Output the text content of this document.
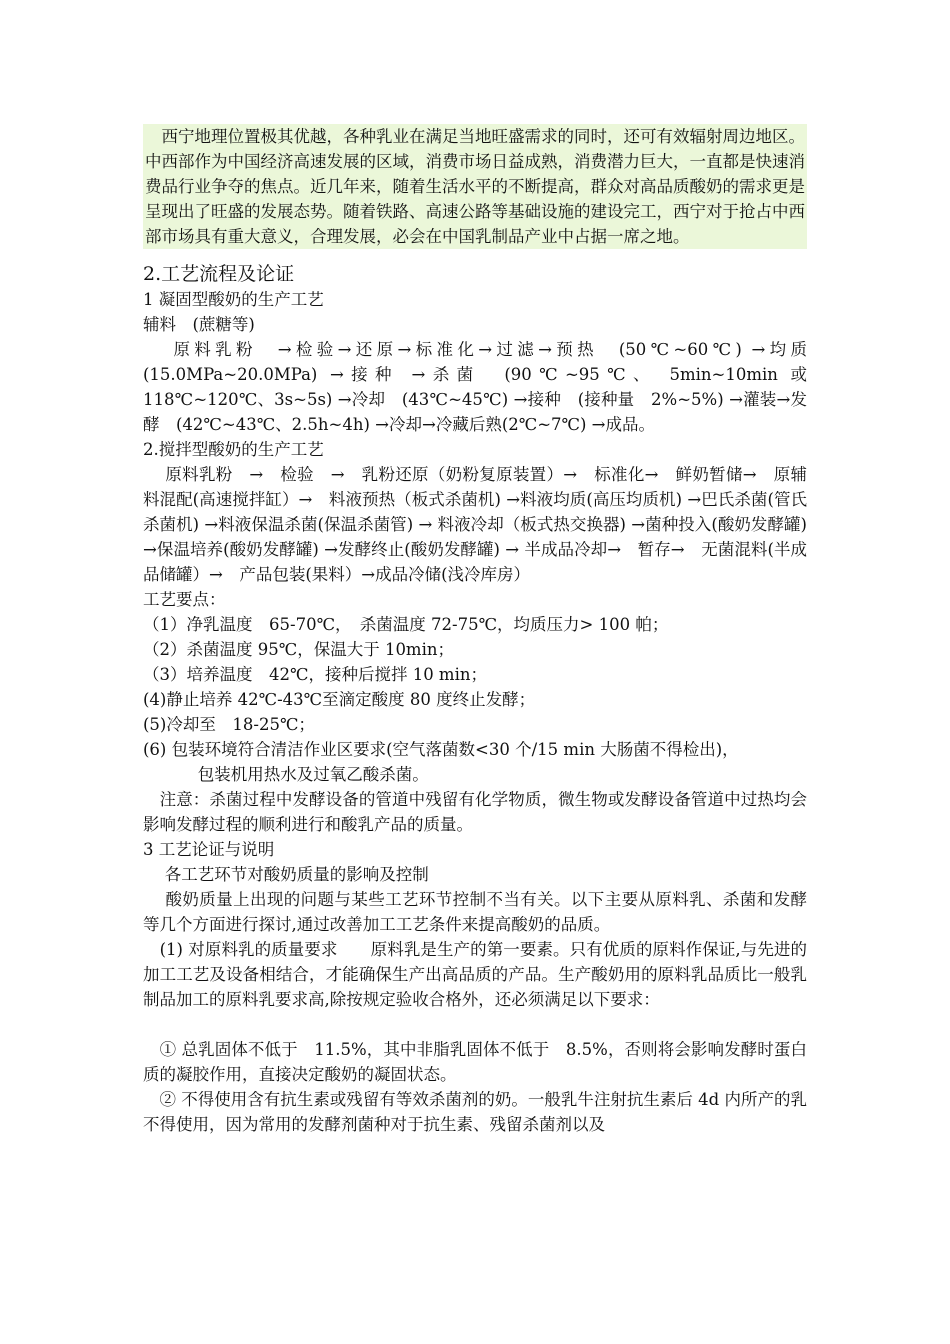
　西宁地理位置极其优越，各种乳业在满足当地旺盛需求的同时，还可有效辐射周边地区。中西部作为中国经济高速发展的区域，消费市场日益成熟，消费潜力巨大，一直都是快速消费品行业争夺的焦点。近几年来，随着生活水平的不断提高，群众对高品质酸奶的需求更是呈现出了旺盛的发展态势。随着铁路、高速公路等基础设施的建设完工，西宁对于抢占中西部市场具有重大意义，合理发展，必会在中国乳制品产业中占据一席之地。
2.工艺流程及论证
1 凝固型酸奶的生产工艺
辅料　(蔗糖等)
　 原料乳粉　→检验→还原→标准化→过滤→预热　(50℃~60℃) →均质(15.0MPa~20.0MPa) →接种 →杀菌　(90℃~95℃、 5min~10min 或　118℃~120℃、3s~5s) →冷却　(43℃~45℃) →接种　(接种量　2%~5%) →灌装→发酵　(42℃~43℃、2.5h~4h) →冷却→冷藏后熟(2℃~7℃) →成品。
2.搅拌型酸奶的生产工艺
　 原料乳粉　→　检验　→　乳粉还原（奶粉复原装置）→　标准化→　鲜奶暂储→　原辅料混配(高速搅拌缸）→　料液预热（板式杀菌机) →料液均质(高压均质机) →巴氏杀菌(管氏杀菌机) →料液保温杀菌(保温杀菌管) → 料液冷却（板式热交换器) →菌种投入(酸奶发酵罐) →保温培养(酸奶发酵罐) →发酵终止(酸奶发酵罐) → 半成品冷却→　暂存→　无菌混料(半成品储罐）→　产品包装(果料）→成品冷储(浅冷库房）
工艺要点：
（1）净乳温度　65-70℃，　杀菌温度 72-75℃，均质压力> 100 帕；
（2）杀菌温度 95℃，保温大于 10min；
（3）培养温度　42℃，接种后搅拌 10 min；
(4)静止培养 42℃-43℃至滴定酸度 80 度终止发酵；
(5)冷却至　18-25℃；
(6) 包装环境符合清洁作业区要求(空气落菌数<30 个/15 min 大肠菌不得检出)，
　　　 包装机用热水及过氧乙酸杀菌。
　注意：杀菌过程中发酵设备的管道中残留有化学物质，微生物或发酵设备管道中过热均会影响发酵过程的顺利进行和酸乳产品的质量。
3 工艺论证与说明
　 各工艺环节对酸奶质量的影响及控制
　 酸奶质量上出现的问题与某些工艺环节控制不当有关。以下主要从原料乳、杀菌和发酵等几个方面进行探讨,通过改善加工工艺条件来提高酸奶的品质。
　(1) 对原料乳的质量要求　　原料乳是生产的第一要素。只有优质的原料作保证,与先进的加工工艺及设备相结合，才能确保生产出高品质的产品。生产酸奶用的原料乳品质比一般乳制品加工的原料乳要求高,除按规定验收合格外，还必须满足以下要求：
　① 总乳固体不低于　11.5%，其中非脂乳固体不低于　8.5%，否则将会影响发酵时蛋白质的凝胶作用，直接决定酸奶的凝固状态。
　② 不得使用含有抗生素或残留有等效杀菌剂的奶。一般乳牛注射抗生素后 4d 内所产的乳不得使用，因为常用的发酵剂菌种对于抗生素、残留杀菌剂以及
